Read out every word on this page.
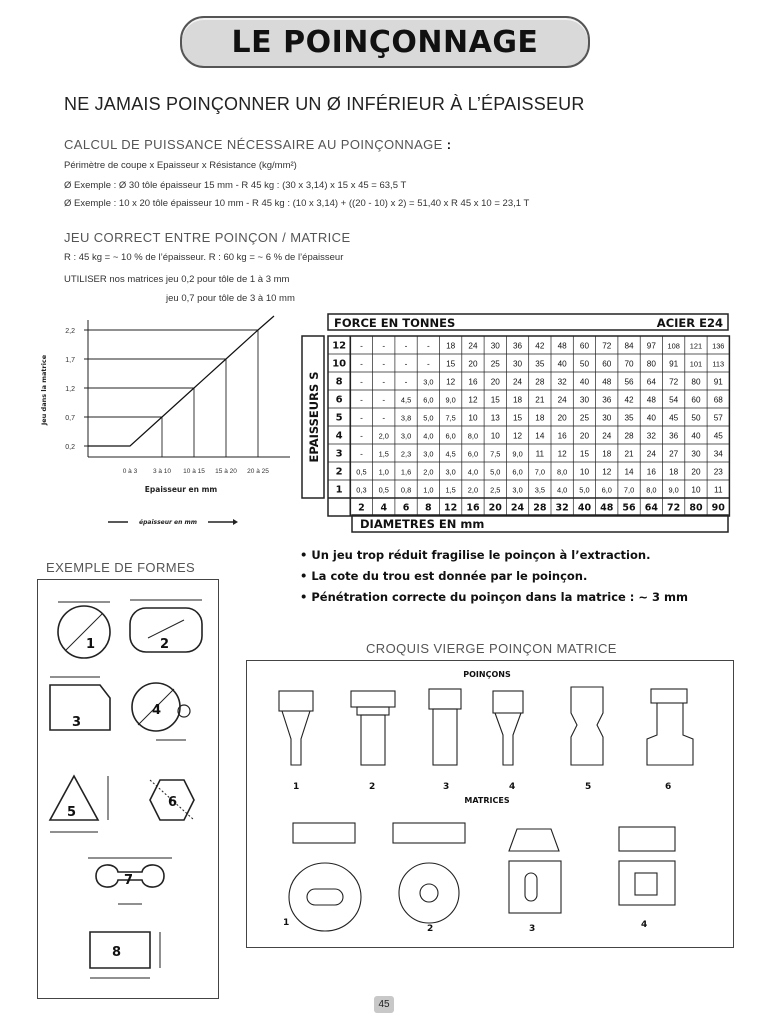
LE POINÇONNAGE
NE JAMAIS POINÇONNER UN Ø INFÉRIEUR À L’ÉPAISSEUR
CALCUL DE PUISSANCE NÉCESSAIRE AU POINÇONNAGE :
Périmètre de coupe x Epaisseur x Résistance (kg/mm²)
Ø Exemple : Ø 30 tôle épaisseur 15 mm - R 45 kg : (30 x 3,14) x 15 x 45 = 63,5 T
Ø Exemple : 10 x 20 tôle épaisseur 10 mm - R 45 kg : (10 x 3,14) + ((20 - 10) x 2) = 51,40 x R 45 x 10 = 23,1 T
JEU CORRECT ENTRE POINÇON / MATRICE
R : 45 kg = ~ 10 % de l’épaisseur. R : 60 kg = ~ 6 % de l’épaisseur
UTILISER nos matrices jeu 0,2 pour tôle de 1 à 3 mm
jeu 0,7 pour tôle de 3 à 10 mm
0,2
0,7
1,2
1,7
2,2
0 à 3 3 à 10 10 à 15 15 à 20 20 à 25
Jeu dans la matrice
Epaisseur en mm
épaisseur en mm
FORCE EN TONNES	ACIER E24
EPAISSEURS S
12 - - - - 18 24 30 36 42 48 60 72 84 97 108 121 136
10 - - - - 15 20 25 30 35 40 50 60 70 80 91 101 113
8 - - - 3,0 12 16 20 24 28 32 40 48 56 64 72 80 91
6 - - 4,5 6,0 9,0 12 15 18 21 24 30 36 42 48 54 60 68
5 - - 3,8 5,0 7,5 10 13 15 18 20 25 30 35 40 45 50 57
4 - 2,0 3,0 4,0 6,0 8,0 10 12 14 16 20 24 28 32 36 40 45
3 - 1,5 2,3 3,0 4,5 6,0 7,5 9,0 11 12 15 18 21 24 27 30 34
2 0,5 1,0 1,6 2,0 3,0 4,0 5,0 6,0 7,0 8,0 10 12 14 16 18 20 23
1 0,3 0,5 0,8 1,0 1,5 2,0 2,5 3,0 3,5 4,0 5,0 6,0 7,0 8,0 9,0 10 11
2 4 6 8 12 16 20 24 28 32 40 48 56 64 72 80 90
DIAMETRES EN mm
• Un jeu trop réduit fragilise le poinçon à l’extraction.
• La cote du trou est donnée par le poinçon.
• Pénétration correcte du poinçon dans la matrice : ~ 3 mm
EXEMPLE DE FORMES
1	2
3
4
5
6
7
8
CROQUIS VIERGE POINÇON MATRICE
POINÇONS
MATRICES
1	2	3	4	5	6
1
2	3	4
45
